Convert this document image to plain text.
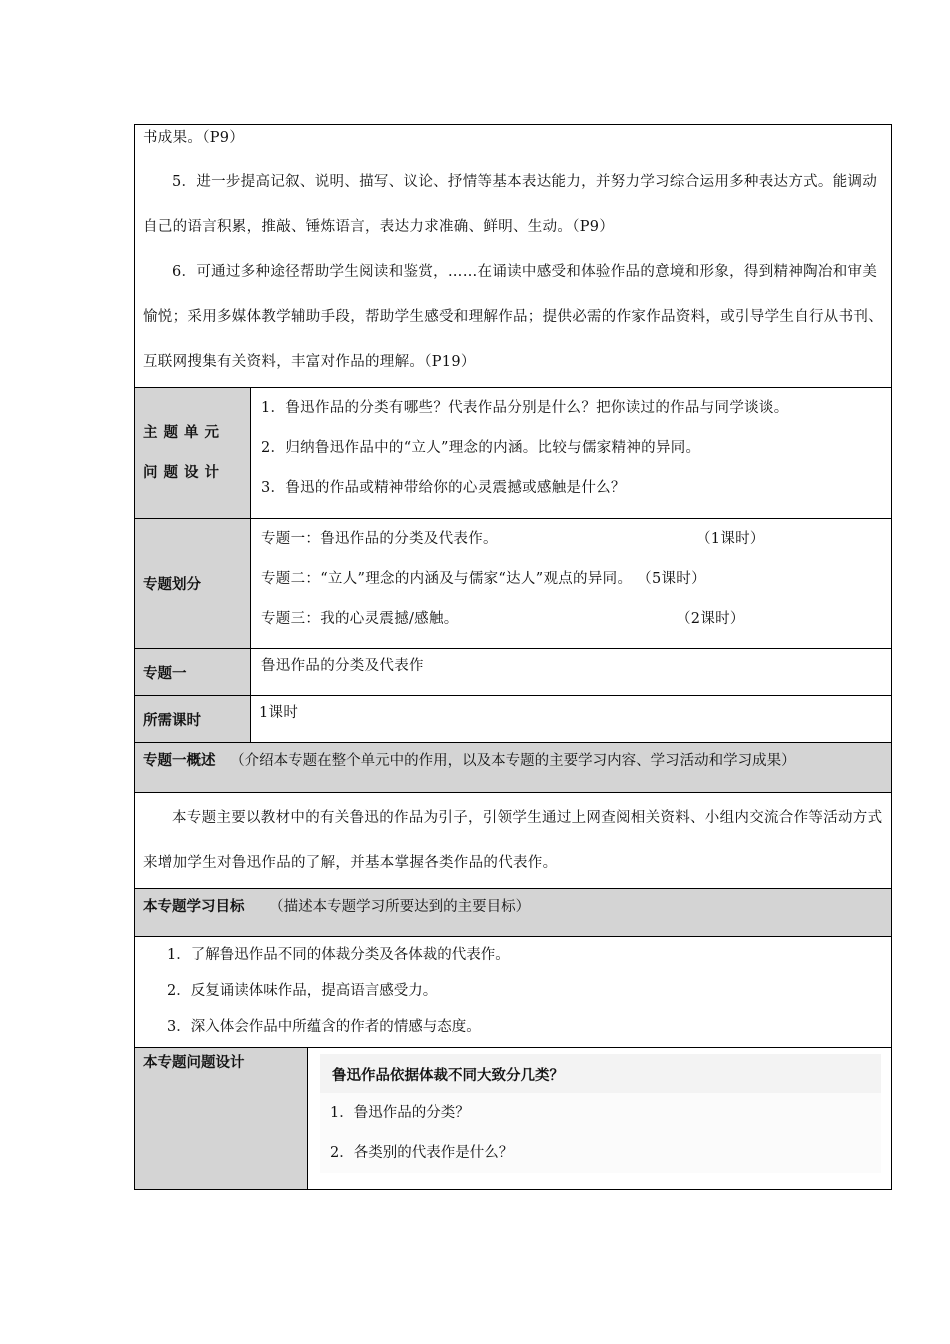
书成果。（P9）
5．进一步提高记叙、说明、描写、议论、抒情等基本表达能力，并努力学习综合运用多种表达方式。能调动自己的语言积累，推敲、锤炼语言，表达力求准确、鲜明、生动。（P9）
6．可通过多种途径帮助学生阅读和鉴赏，……在诵读中感受和体验作品的意境和形象，得到精神陶冶和审美愉悦；采用多媒体教学辅助手段，帮助学生感受和理解作品；提供必需的作家作品资料，或引导学生自行从书刊、互联网搜集有关资料，丰富对作品的理解。（P19）		

主题单元问题设计	1．鲁迅作品的分类有哪些？代表作品分别是什么？把你读过的作品与同学谈谈。
2．归纳鲁迅作品中的“立人”理念的内涵。比较与儒家精神的异同。
3．鲁迅的作品或精神带给你的心灵震撼或感触是什么？	

专题划分	专题一：鲁迅作品的分类及代表作。 （1课时）
专题二：“立人”理念的内涵及与儒家“达人”观点的异同。 （5课时）
专题三：我的心灵震撼/感触。 （2课时）	

专题一	鲁迅作品的分类及代表作	

所需课时	1课时	

专题一概述 （介绍本专题在整个单元中的作用，以及本专题的主要学习内容、学习活动和学习成果）		

本专题主要以教材中的有关鲁迅的作品为引子，引领学生通过上网查阅相关资料、小组内交流合作等活动方式来增加学生对鲁迅作品的了解，并基本掌握各类作品的代表作。		

本专题学习目标 （描述本专题学习所要达到的主要目标）		

1．了解鲁迅作品不同的体裁分类及各体裁的代表作。
2．反复诵读体味作品，提高语言感受力。
3．深入体会作品中所蕴含的作者的情感与态度。		

本专题问题设计		鲁迅作品依据体裁不同大致分几类？
1．鲁迅作品的分类？
2．各类别的代表作是什么？
